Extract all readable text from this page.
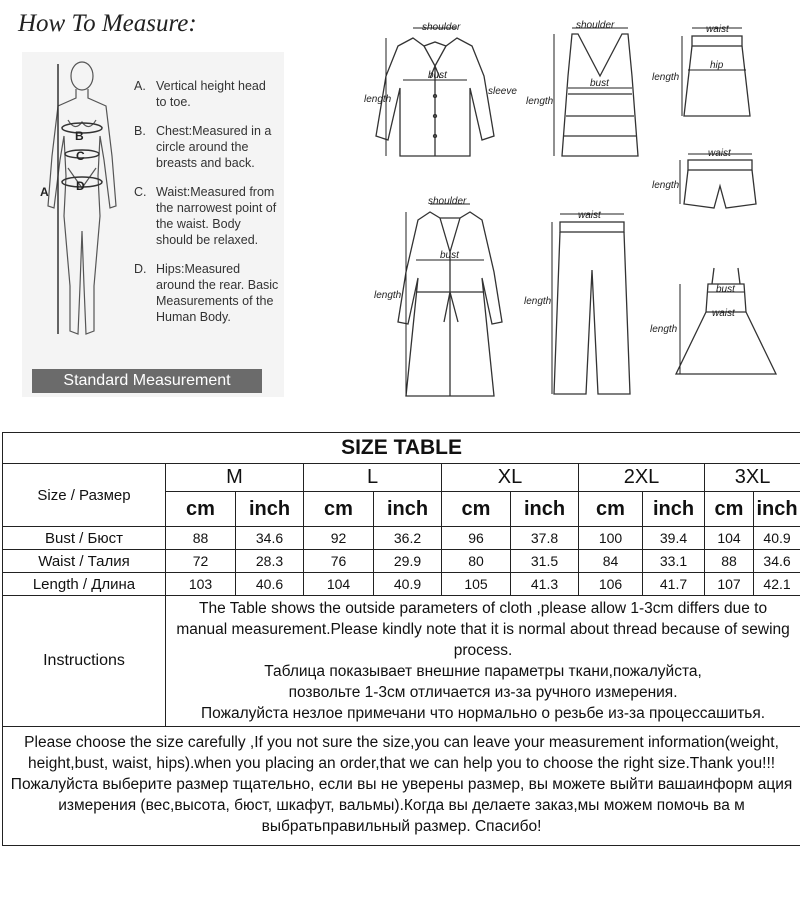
How To Measure:
A
B
C
D
A. Vertical height head to toe.
B. Chest:Measured in a circle around the breasts and back.
C. Waist:Measured from the narrowest point of the waist. Body should be relaxed.
D. Hips:Measured around the rear. Basic Measurements of the Human Body.
Standard Measurement
shoulder
bust
sleeve
length
shoulder
bust
length
waist
hip
length
waist
length
shoulder
bust
length
waist
length
bust
waist
length
SIZE TABLE										
Size / Размер	M		L		XL		2XL		3XL	
	cm	inch	cm	inch	cm	inch	cm	inch	cm	inch
Bust / Бюст	88	34.6	92	36.2	96	37.8	100	39.4	104	40.9
Waist / Талия	72	28.3	76	29.9	80	31.5	84	33.1	88	34.6
Length / Длина	103	40.6	104	40.9	105	41.3	106	41.7	107	42.1
Instructions	The Table shows the outside parameters of cloth ,please allow 1-3cm differs due to manual measurement.Please kindly note that it is normal about thread because of sewing process.
Таблица показывает внешние параметры ткани,пожалуйста,
позвольте 1-3см отличается из-за ручного измерения.
Пожалуйста незлое примечани что нормально о резьбе из-за процессашитья.									

Please choose the size carefully ,If you not sure the size,you can leave your measurement information(weight, height,bust, waist, hips).when you placing an order,that we can help you to choose the right size.Thank you!!!
Пожалуйста выберите размер тщательно, если вы не уверены размер, вы можете выйти вашаинформ ация измерения (вес,высота, бюст, шкафут, вальмы).Когда вы делаете заказ,мы можем помочь ва м выбратьправильный размер. Спасибо!										
